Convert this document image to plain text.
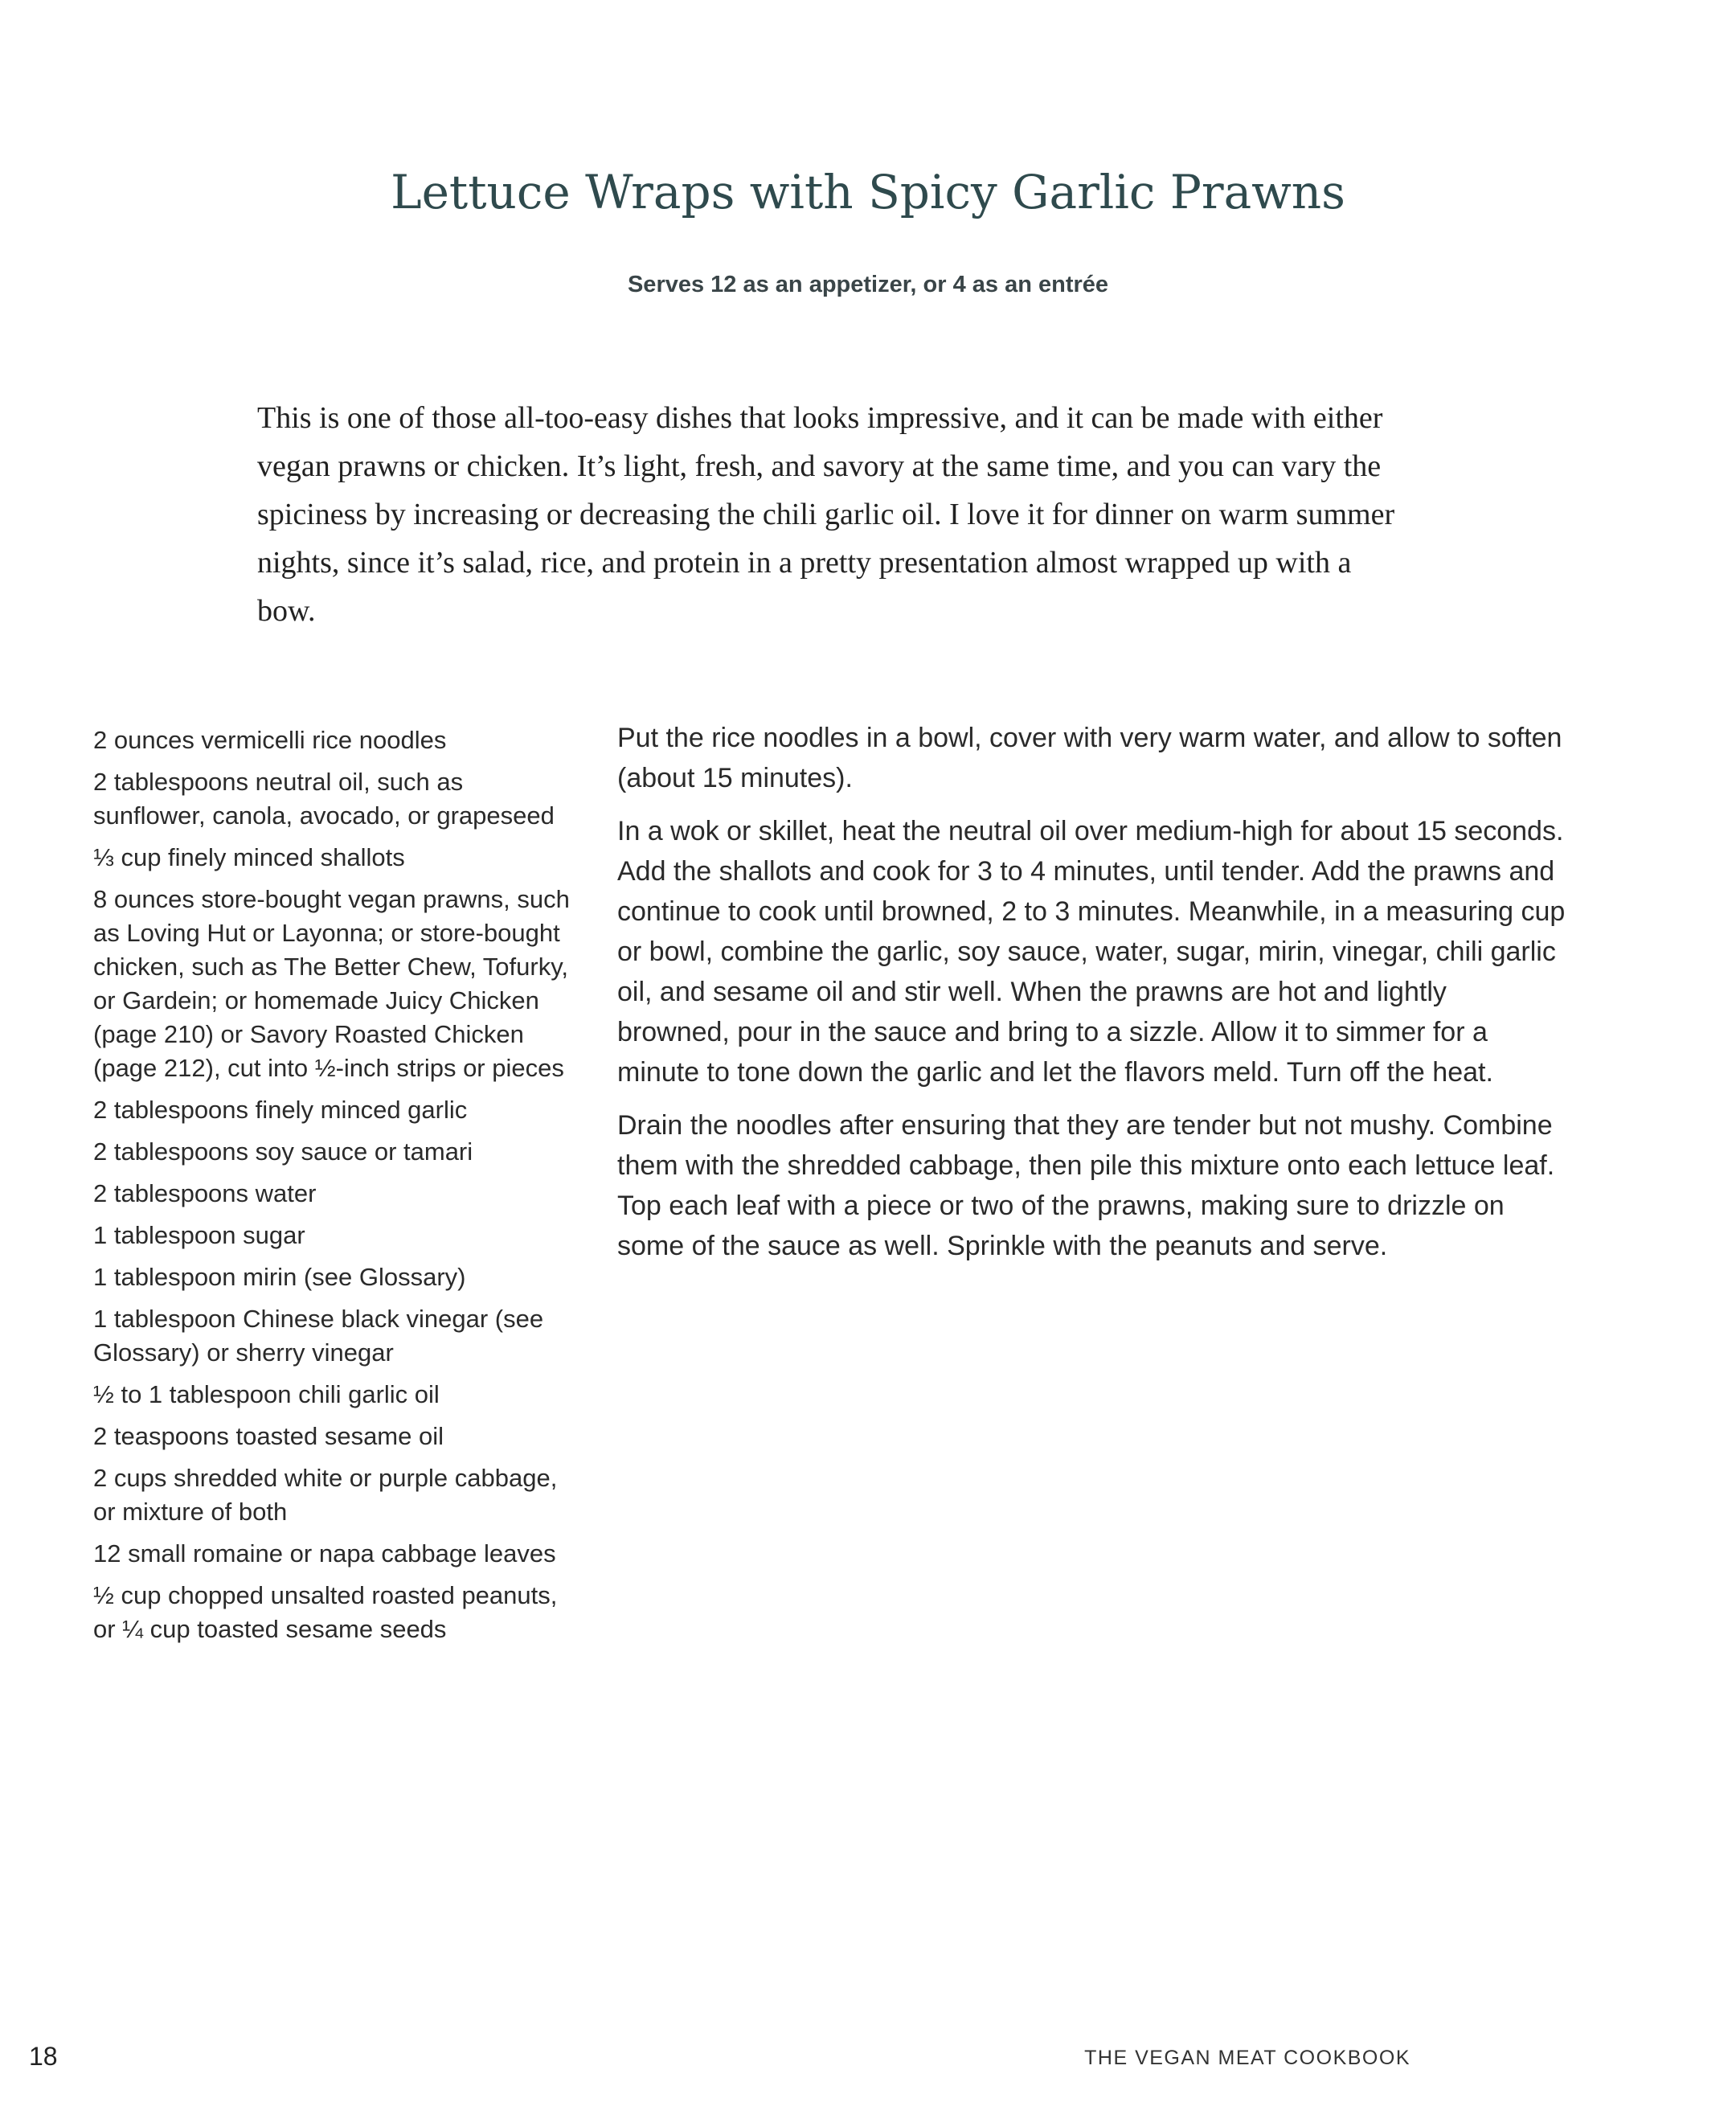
Lettuce Wraps with Spicy Garlic Prawns

Serves 12 as an appetizer, or 4 as an entrée

This is one of those all-too-easy dishes that looks impressive, and it can be made with either vegan prawns or chicken. It’s light, fresh, and savory at the same time, and you can vary the spiciness by increasing or decreasing the chili garlic oil. I love it for dinner on warm summer nights, since it’s salad, rice, and protein in a pretty presentation almost wrapped up with a bow.

2 ounces vermicelli rice noodles
2 tablespoons neutral oil, such as sunflower, canola, avocado, or grapeseed
⅓ cup finely minced shallots
8 ounces store-bought vegan prawns, such as Loving Hut or Layonna; or store-bought chicken, such as The Better Chew, Tofurky, or Gardein; or homemade Juicy Chicken (page 210) or Savory Roasted Chicken (page 212), cut into ½-inch strips or pieces
2 tablespoons finely minced garlic
2 tablespoons soy sauce or tamari
2 tablespoons water
1 tablespoon sugar
1 tablespoon mirin (see Glossary)
1 tablespoon Chinese black vinegar (see Glossary) or sherry vinegar
½ to 1 tablespoon chili garlic oil
2 teaspoons toasted sesame oil
2 cups shredded white or purple cabbage, or mixture of both
12 small romaine or napa cabbage leaves
½ cup chopped unsalted roasted peanuts, or ¼ cup toasted sesame seeds

Put the rice noodles in a bowl, cover with very warm water, and allow to soften (about 15 minutes).

In a wok or skillet, heat the neutral oil over medium-high for about 15 seconds. Add the shallots and cook for 3 to 4 minutes, until tender. Add the prawns and continue to cook until browned, 2 to 3 minutes. Meanwhile, in a measuring cup or bowl, combine the garlic, soy sauce, water, sugar, mirin, vinegar, chili garlic oil, and sesame oil and stir well. When the prawns are hot and lightly browned, pour in the sauce and bring to a sizzle. Allow it to simmer for a minute to tone down the garlic and let the flavors meld. Turn off the heat.

Drain the noodles after ensuring that they are tender but not mushy. Combine them with the shredded cabbage, then pile this mixture onto each lettuce leaf. Top each leaf with a piece or two of the prawns, making sure to drizzle on some of the sauce as well. Sprinkle with the peanuts and serve.

18	THE VEGAN MEAT COOKBOOK
